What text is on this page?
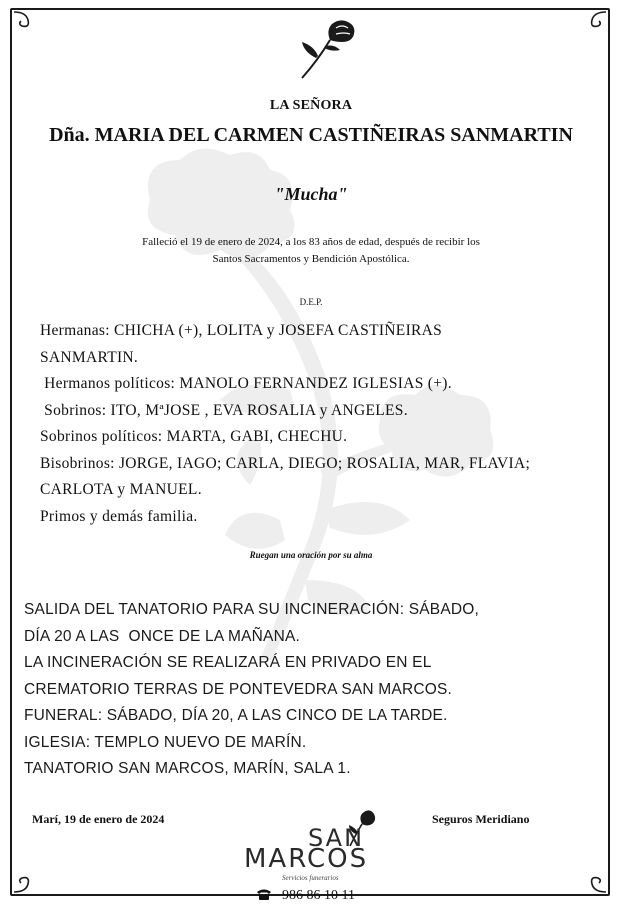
LA SEÑORA
Dña. MARIA DEL CARMEN CASTIÑEIRAS SANMARTIN
"Mucha"
Falleció el 19 de enero de 2024, a los 83 años de edad, después de recibir los
Santos Sacramentos y Bendición Apostólica.
D.E.P.
Hermanas: CHICHA (+), LOLITA y JOSEFA CASTIÑEIRAS
SANMARTIN.
Hermanos políticos: MANOLO FERNANDEZ IGLESIAS (+).
Sobrinos: ITO, MªJOSE , EVA ROSALIA y ANGELES.
Sobrinos políticos: MARTA, GABI, CHECHU.
Bisobrinos: JORGE, IAGO; CARLA, DIEGO; ROSALIA, MAR, FLAVIA;
CARLOTA y MANUEL.
Primos y demás familia.
Ruegan una oración por su alma
SALIDA DEL TANATORIO PARA SU INCINERACIÓN: SÁBADO,
DÍA 20 A LAS  ONCE DE LA MAÑANA.
LA INCINERACIÓN SE REALIZARÁ EN PRIVADO EN EL
CREMATORIO TERRAS DE PONTEVEDRA SAN MARCOS.
FUNERAL: SÁBADO, DÍA 20, A LAS CINCO DE LA TARDE.
IGLESIA: TEMPLO NUEVO DE MARÍN.
TANATORIO SAN MARCOS, MARÍN, SALA 1.
Marí, 19 de enero de 2024	Seguros Meridiano
SAN
MARCOS
Servicios funerarios
986 86 10 11
